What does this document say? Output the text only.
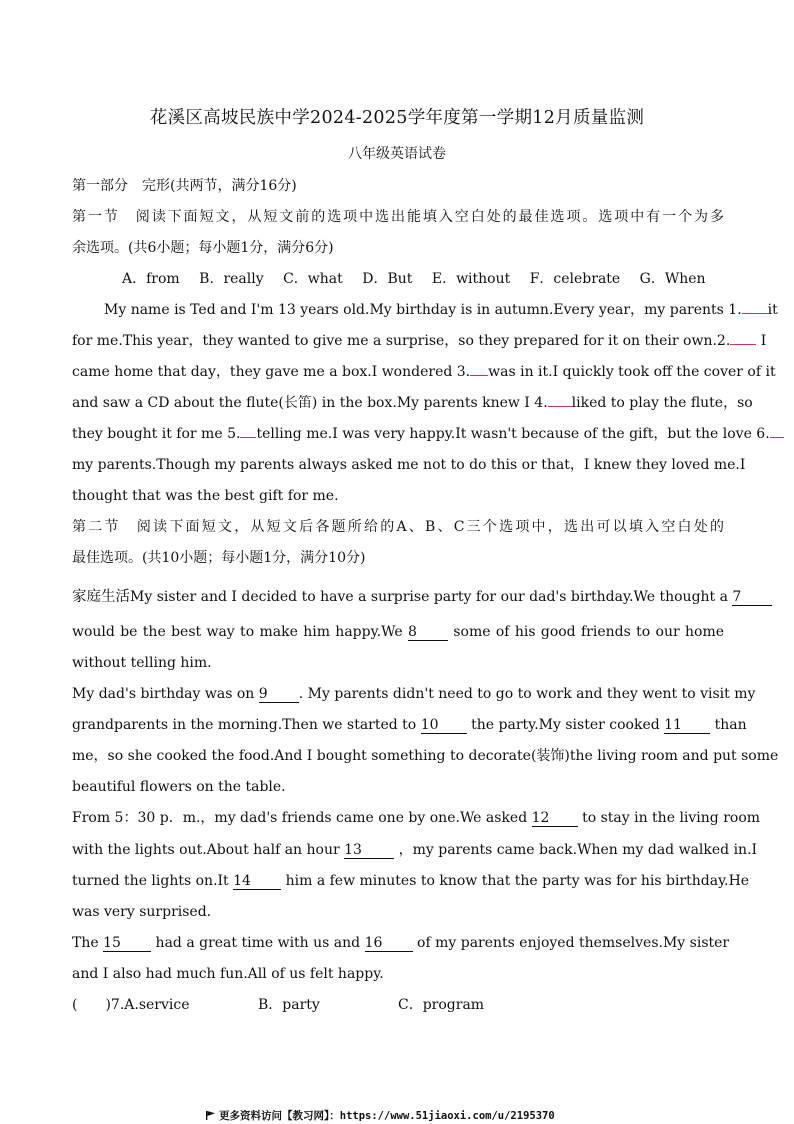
花溪区高坡民族中学2024-2025学年度第一学期12月质量监测
八年级英语试卷
第一部分　完形(共两节，满分16分)
第一节　阅读下面短文，从短文前的选项中选出能填入空白处的最佳选项。选项中有一个为多
余选项。(共6小题；每小题1分，满分6分)
A．from B．really C．what D．But E．without F．celebrate G．When
My name is Ted and I'm 13 years old.My birthday is in autumn.Every year，my parents 1. it
for me.This year，they wanted to give me a surprise，so they prepared for it on their own.2. I
came home that day，they gave me a box.I wondered 3. was in it.I quickly took off the cover of it
and saw a CD about the flute(长笛) in the box.My parents knew I 4. liked to play the flute，so
they bought it for me 5. telling me.I was very happy.It wasn't because of the gift，but the love 6.
my parents.Though my parents always asked me not to do this or that，I knew they loved me.I
thought that was the best gift for me.
第二节　阅读下面短文，从短文后各题所给的A、B、C三个选项中，选出可以填入空白处的
最佳选项。(共10小题；每小题1分，满分10分)
家庭生活My sister and I decided to have a surprise party for our dad's birthday.We thought a 7
would be the best way to make him happy.We 8	some of his good friends to our home
without telling him.
My dad's birthday was on 9 . My parents didn't need to go to work and they went to visit my
grandparents in the morning.Then we started to 10 the party.My sister cooked 11 than
me，so she cooked the food.And I bought something to decorate(装饰)the living room and put some
beautiful flowers on the table.
From 5：30 p．m.，my dad's friends came one by one.We asked 12 to stay in the living room
with the lights out.About half an hour 13	，my parents came back.When my dad walked in.I
turned the lights on.It 14 him a few minutes to know that the party was for his birthday.He
was very surprised.
The 15 had a great time with us and 16 of my parents enjoyed themselves.My sister
and I also had much fun.All of us felt happy.
(　　)7.A.service	B．party	C．program
更多资料访问【教习网】：https://www.51jiaoxi.com/u/2195370
